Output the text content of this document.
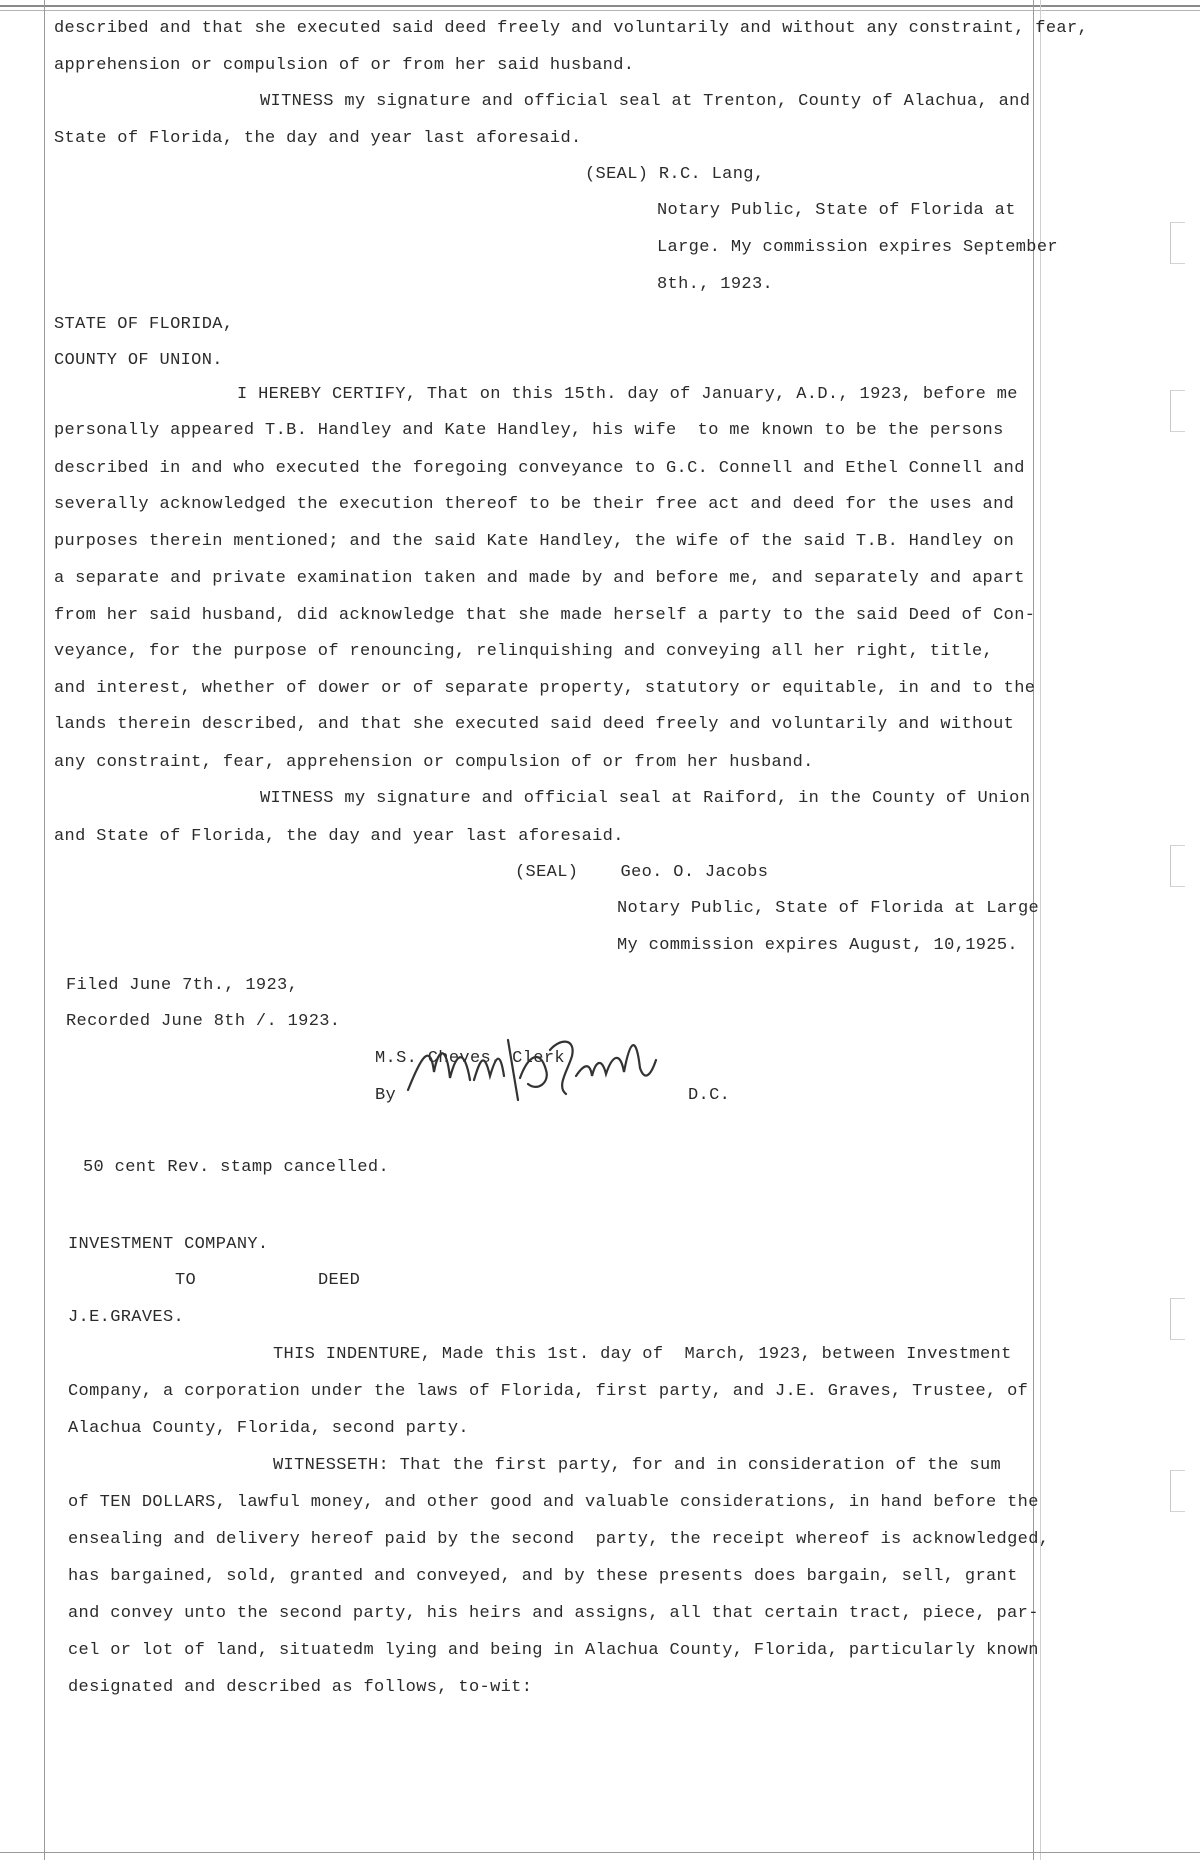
described and that she executed said deed freely and voluntarily and without any constraint, fear,
apprehension or compulsion of or from her said husband.
WITNESS my signature and official seal at Trenton, County of Alachua, and
State of Florida, the day and year last aforesaid.
(SEAL) R.C. Lang,
Notary Public, State of Florida at
Large. My commission expires September
8th., 1923.
STATE OF FLORIDA,
COUNTY OF UNION.
I HEREBY CERTIFY, That on this 15th. day of January, A.D., 1923, before me
personally appeared T.B. Handley and Kate Handley, his wife  to me known to be the persons
described in and who executed the foregoing conveyance to G.C. Connell and Ethel Connell and
severally acknowledged the execution thereof to be their free act and deed for the uses and
purposes therein mentioned; and the said Kate Handley, the wife of the said T.B. Handley on
a separate and private examination taken and made by and before me, and separately and apart
from her said husband, did acknowledge that she made herself a party to the said Deed of Con-
veyance, for the purpose of renouncing, relinquishing and conveying all her right, title,
and interest, whether of dower or of separate property, statutory or equitable, in and to the
lands therein described, and that she executed said deed freely and voluntarily and without
any constraint, fear, apprehension or compulsion of or from her husband.
WITNESS my signature and official seal at Raiford, in the County of Union
and State of Florida, the day and year last aforesaid.
(SEAL)    Geo. O. Jacobs
Notary Public, State of Florida at Large
My commission expires August, 10,1925.
Filed June 7th., 1923,
Recorded June 8th /. 1923.
M.S. Cheves, Clerk
By	D.C.
50 cent Rev. stamp cancelled.
INVESTMENT COMPANY.
TO	DEED
J.E.GRAVES.
THIS INDENTURE, Made this 1st. day of  March, 1923, between Investment
Company, a corporation under the laws of Florida, first party, and J.E. Graves, Trustee, of
Alachua County, Florida, second party.
WITNESSETH: That the first party, for and in consideration of the sum
of TEN DOLLARS, lawful money, and other good and valuable considerations, in hand before the
ensealing and delivery hereof paid by the second  party, the receipt whereof is acknowledged,
has bargained, sold, granted and conveyed, and by these presents does bargain, sell, grant
and convey unto the second party, his heirs and assigns, all that certain tract, piece, par-
cel or lot of land, situatedm lying and being in Alachua County, Florida, particularly known
designated and described as follows, to-wit:
